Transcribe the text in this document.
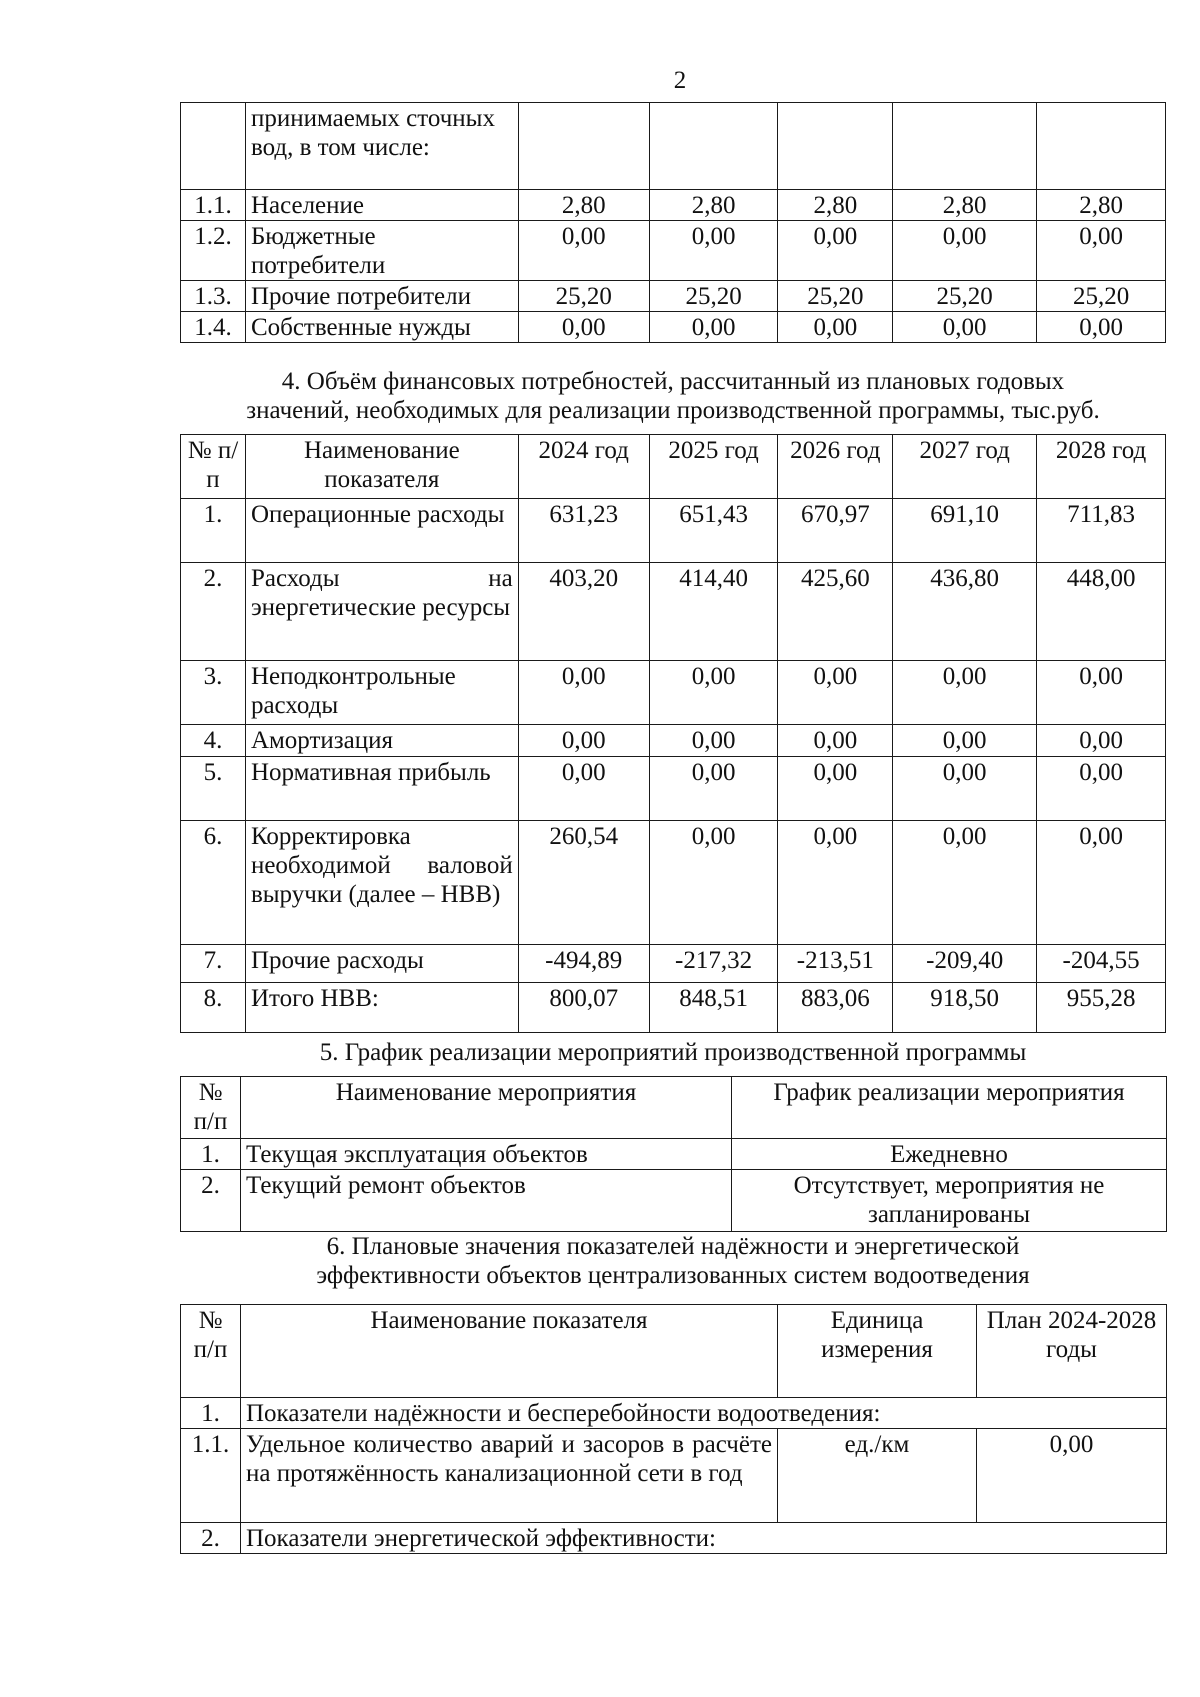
2
	принимаемых сточных вод, в том числе:					
1.1.	Население	2,80	2,80	2,80	2,80	2,80
1.2.	Бюджетные потребители	0,00	0,00	0,00	0,00	0,00
1.3.	Прочие потребители	25,20	25,20	25,20	25,20	25,20
1.4.	Собственные нужды	0,00	0,00	0,00	0,00	0,00
4. Объём финансовых потребностей, рассчитанный из плановых годовых
значений, необходимых для реализации производственной программы, тыс.руб.
№ п/п	Наименование показателя	2024 год	2025 год	2026 год	2027 год	2028 год
1.	Операционные расходы	631,23	651,43	670,97	691,10	711,83
2.	Расходы на энергетические ресурсы	403,20	414,40	425,60	436,80	448,00
3.	Неподконтрольные расходы	0,00	0,00	0,00	0,00	0,00
4.	Амортизация	0,00	0,00	0,00	0,00	0,00
5.	Нормативная прибыль	0,00	0,00	0,00	0,00	0,00
6.	Корректировка необходимой валовой выручки (далее – НВВ)	260,54	0,00	0,00	0,00	0,00
7.	Прочие расходы	-494,89	-217,32	-213,51	-209,40	-204,55
8.	Итого НВВ:	800,07	848,51	883,06	918,50	955,28
5. График реализации мероприятий производственной программы
№ п/п	Наименование мероприятия	График реализации мероприятия
1.	Текущая эксплуатация объектов	Ежедневно
2.	Текущий ремонт объектов	Отсутствует, мероприятия не запланированы
6. Плановые значения показателей надёжности и энергетической
эффективности объектов централизованных систем водоотведения
№ п/п	Наименование показателя	Единица измерения	План 2024-2028 годы
1.	Показатели надёжности и бесперебойности водоотведения:		
1.1.	Удельное количество аварий и засоров в расчёте на протяжённость канализационной сети в год	ед./км	0,00
2.	Показатели энергетической эффективности:		
